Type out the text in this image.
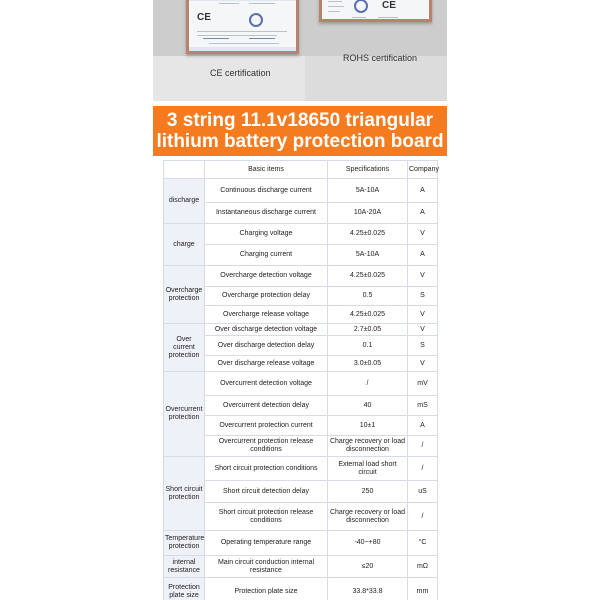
CE
CE
CE certification
ROHS certification
3 string 11.1v18650 triangular
lithium battery protection board
	Basic items	Specifications	Company
discharge	Continuous discharge current	5A-10A	A
	Instantaneous discharge current	10A-20A	A
charge	Charging voltage	4.25±0.025	V
	Charging current	5A-10A	A
Overcharge protection	Overcharge detection voltage	4.25±0.025	V
	Overcharge protection delay	0.5	S
	Overcharge release voltage	4.25±0.025	V
Over current protection	Over discharge detection voltage	2.7±0.05	V
	Over discharge detection delay	0.1	S
	Over discharge release voltage	3.0±0.05	V
Overcurrent protection	Overcurrent detection voltage	/	mV
	Overcurrent detection delay	40	mS
	Overcurrent protection current	10±1	A
	Overcurrent protection release conditions	Charge recovery or load disconnection	/
Short circuit protection	Short circuit protection conditions	External load short circuit	/
	Short circuit detection delay	250	uS
	Short circuit protection release conditions	Charge recovery or load disconnection	/
Temperature protection	Operating temperature range	-40~+80	°C
internal resistance	Main circuit conduction internal resistance	≤20	mΩ
Protection plate size	Protection plate size	33.8*33.8	mm
